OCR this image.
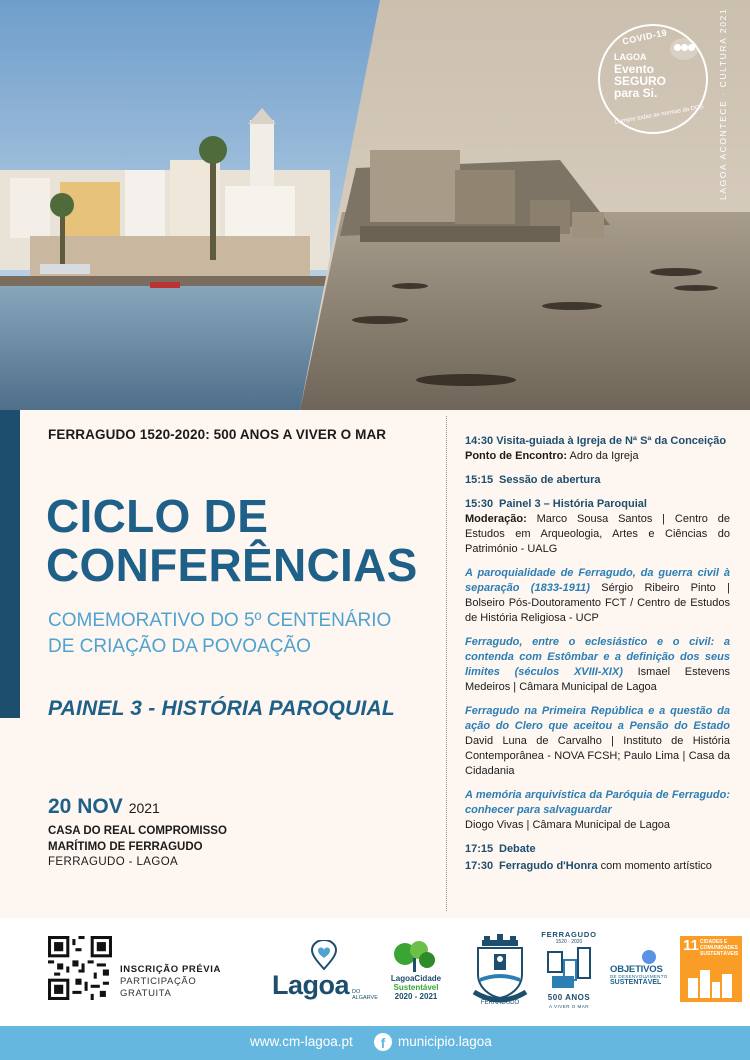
COVID-19
LAGOA
Evento
SEGURO
para Si.
Cumpre todas as normas da DGS LAGOA ACONTECE · CULTURA 2021
FERRAGUDO 1520-2020: 500 ANOS A VIVER O MAR
CICLO DE
CONFERÊNCIAS
COMEMORATIVO DO 5º CENTENÁRIO
DE CRIAÇÃO DA POVOAÇÃO
PAINEL 3 - HISTÓRIA PAROQUIAL
20 NOV 2021
CASA DO REAL COMPROMISSO
MARÍTIMO DE FERRAGUDO
FERRAGUDO - LAGOA
14:30 Visita-guiada à Igreja de Nª Sª da Conceição
Ponto de Encontro: Adro da Igreja
15:15 Sessão de abertura
15:30 Painel 3 – História Paroquial
Moderação: Marco Sousa Santos | Centro de Estudos em Arqueologia, Artes e Ciências do Património - UALG
A paroquialidade de Ferragudo, da guerra civil à separação (1833-1911) Sérgio Ribeiro Pinto | Bolseiro Pós-Doutoramento FCT / Centro de Estudos de História Religiosa - UCP
Ferragudo, entre o eclesiástico e o civil: a contenda com Estômbar e a definição dos seus limites (séculos XVIII-XIX) Ismael Estevens Medeiros | Câmara Municipal de Lagoa
Ferragudo na Primeira República e a questão da ação do Clero que aceitou a Pensão do Estado David Luna de Carvalho | Instituto de História Contemporânea - NOVA FCSH; Paulo Lima | Casa da Cidadania
A memória arquivística da Paróquia de Ferragudo: conhecer para salvaguardar
Diogo Vivas | Câmara Municipal de Lagoa
17:15 Debate
17:30 Ferragudo d'Honra com momento artístico
INSCRIÇÃO PRÉVIA
PARTICIPAÇÃO
GRATUITA	Lagoa DO ALGARVE
LagoaCidade
Sustentável
2020 - 2021
FERRAGUDO
FERRAGUDO
1520 · 2020
500 ANOS
A VIVER O MAR
OBJETIVOS
DE DESENVOLVIMENTO
SUSTENTÁVEL
11 CIDADES E COMUNIDADES SUSTENTÁVEIS
www.cm-lagoa.pt	f municipio.lagoa
